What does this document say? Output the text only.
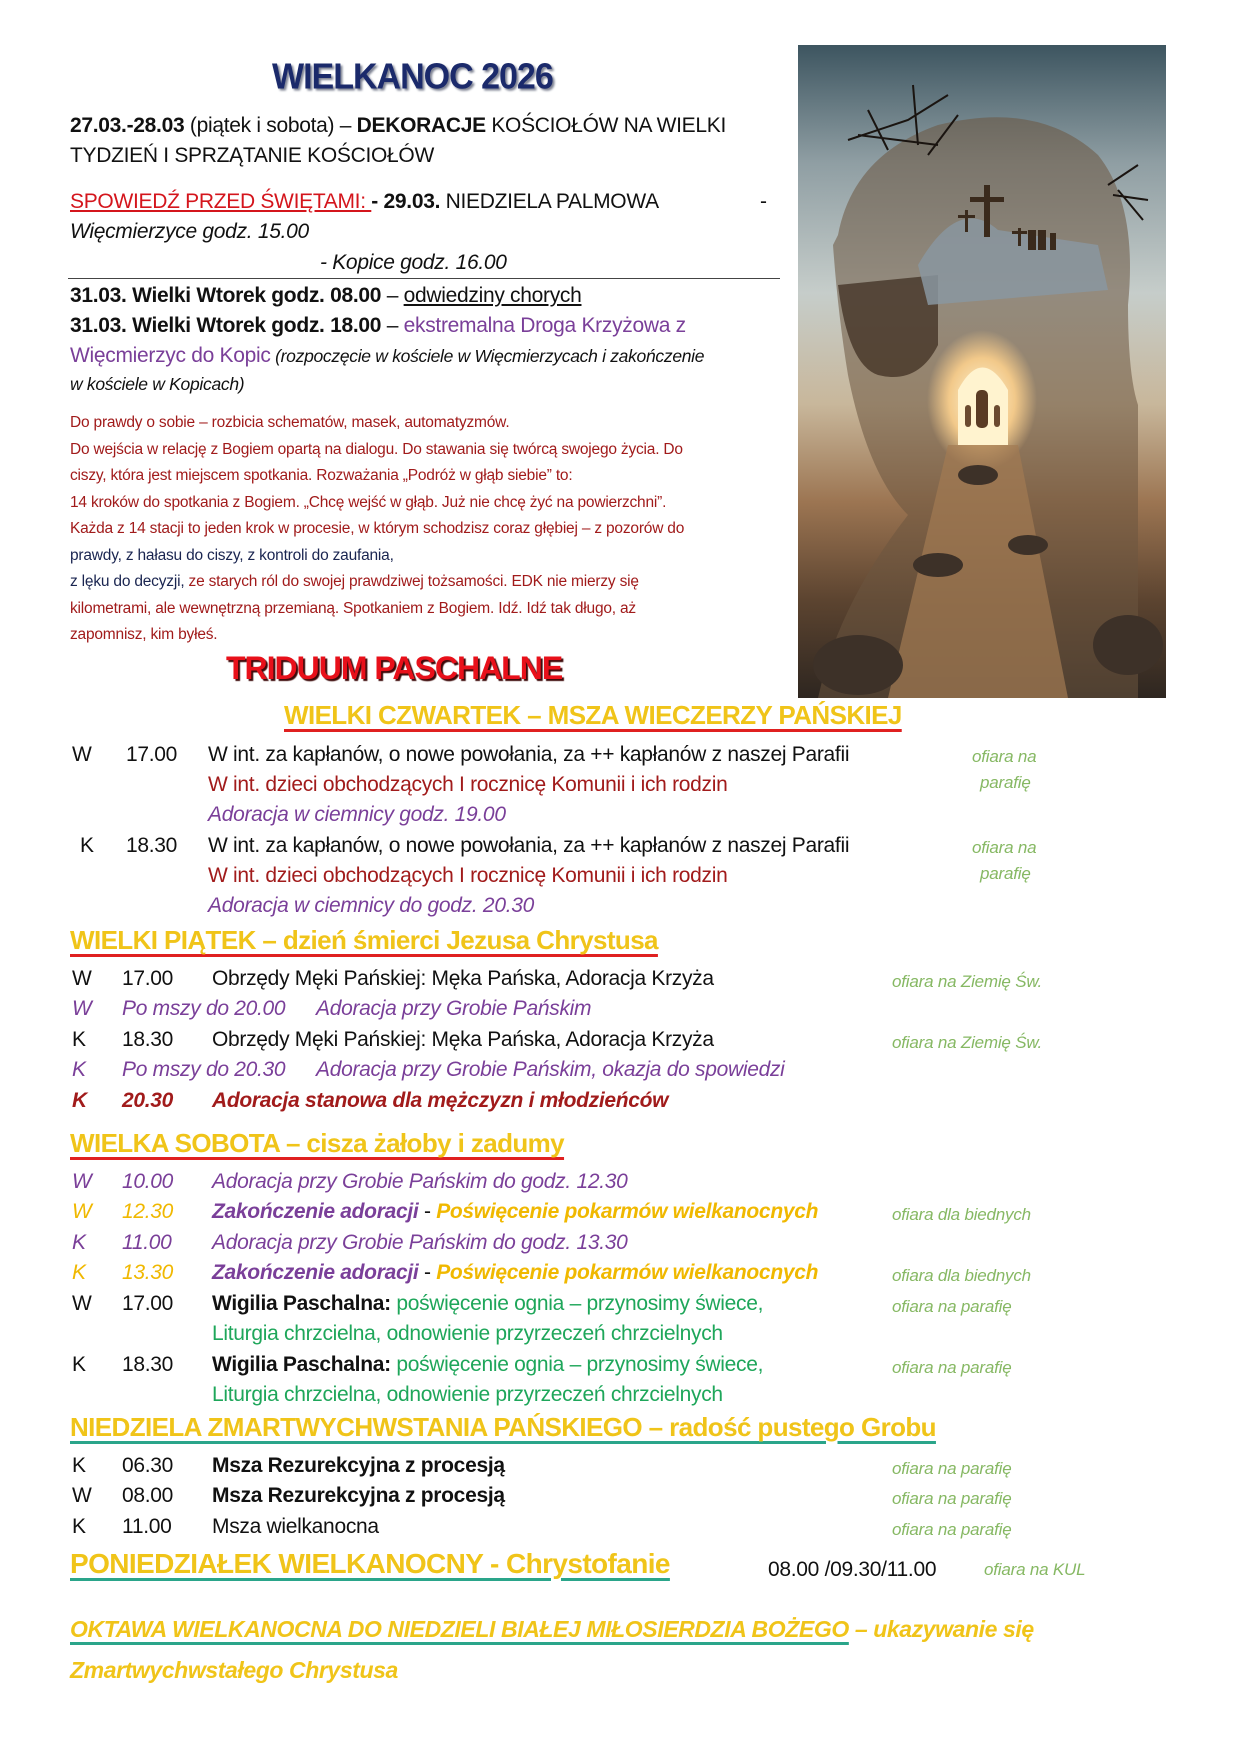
WIELKANOC 2026
27.03.-28.03 (piątek i sobota) – DEKORACJE KOŚCIOŁÓW NA WIELKI
TYDZIEŃ I SPRZĄTANIE KOŚCIOŁÓW
SPOWIEDŹ PRZED ŚWIĘTAMI: - 29.03. NIEDZIELA PALMOWA	-
Więcmierzyce godz. 15.00
- Kopice godz. 16.00
31.03. Wielki Wtorek godz. 08.00 – odwiedziny chorych
31.03. Wielki Wtorek godz. 18.00 – ekstremalna Droga Krzyżowa z
Więcmierzyc do Kopic (rozpoczęcie w kościele w Więcmierzycach i zakończenie
w kościele w Kopicach)

Do prawdy o sobie – rozbicia schematów, masek, automatyzmów.

Do wejścia w relację z Bogiem opartą na dialogu. Do stawania się twórcą swojego życia. Do

ciszy, która jest miejscem spotkania. Rozważania „Podróż w głąb siebie” to:

14 kroków do spotkania z Bogiem. „Chcę wejść w głąb. Już nie chcę żyć na powierzchni”.

Każda z 14 stacji to jeden krok w procesie, w którym schodzisz coraz głębiej – z pozorów do

prawdy, z hałasu do ciszy, z kontroli do zaufania,

z lęku do decyzji, ze starych ról do swojej prawdziwej tożsamości. EDK nie mierzy się

kilometrami, ale wewnętrzną przemianą. Spotkaniem z Bogiem. Idź. Idź tak długo, aż

zapomnisz, kim byłeś.

TRIDUUM PASCHALNE
WIELKI CZWARTEK – MSZA WIECZERZY PAŃSKIEJ
W 17.00 W int. za kapłanów, o nowe powołania, za ++ kapłanów z naszej Parafii
W int. dzieci obchodzących I rocznicę Komunii i ich rodzin
Adoracja w ciemnicy godz. 19.00
ofiara na
parafię
K 18.30 W int. za kapłanów, o nowe powołania, za ++ kapłanów z naszej Parafii
W int. dzieci obchodzących I rocznicę Komunii i ich rodzin
Adoracja w ciemnicy do godz. 20.30
ofiara na
parafię
WIELKI PIĄTEK – dzień śmierci Jezusa Chrystusa
W 17.00 Obrzędy Męki Pańskiej: Męka Pańska, Adoracja Krzyża	ofiara na Ziemię Św.
W Po mszy do 20.00 Adoracja przy Grobie Pańskim
K 18.30 Obrzędy Męki Pańskiej: Męka Pańska, Adoracja Krzyża	ofiara na Ziemię Św.
K Po mszy do 20.30 Adoracja przy Grobie Pańskim, okazja do spowiedzi
K 20.30 Adoracja stanowa dla mężczyzn i młodzieńców
WIELKA SOBOTA – cisza żałoby i zadumy
W 10.00 Adoracja przy Grobie Pańskim do godz. 12.30
W 12.30 Zakończenie adoracji - Poświęcenie pokarmów wielkanocnych	ofiara dla biednych
K 11.00 Adoracja przy Grobie Pańskim do godz. 13.30
K 13.30 Zakończenie adoracji - Poświęcenie pokarmów wielkanocnych	ofiara dla biednych
W 17.00 Wigilia Paschalna: poświęcenie ognia – przynosimy świece,
Liturgia chrzcielna, odnowienie przyrzeczeń chrzcielnych
ofiara na parafię
K 18.30 Wigilia Paschalna: poświęcenie ognia – przynosimy świece,
Liturgia chrzcielna, odnowienie przyrzeczeń chrzcielnych
ofiara na parafię
NIEDZIELA ZMARTWYCHWSTANIA PAŃSKIEGO – radość pustego Grobu
K 06.30 Msza Rezurekcyjna z procesją	ofiara na parafię
W 08.00 Msza Rezurekcyjna z procesją	ofiara na parafię
K 11.00 Msza wielkanocna	ofiara na parafię
PONIEDZIAŁEK WIELKANOCNY - Chrystofanie	08.00 /09.30/11.00	ofiara na KUL
OKTAWA WIELKANOCNA DO NIEDZIELI BIAŁEJ MIŁOSIERDZIA BOŻEGO – ukazywanie się
Zmartwychwstałego Chrystusa
